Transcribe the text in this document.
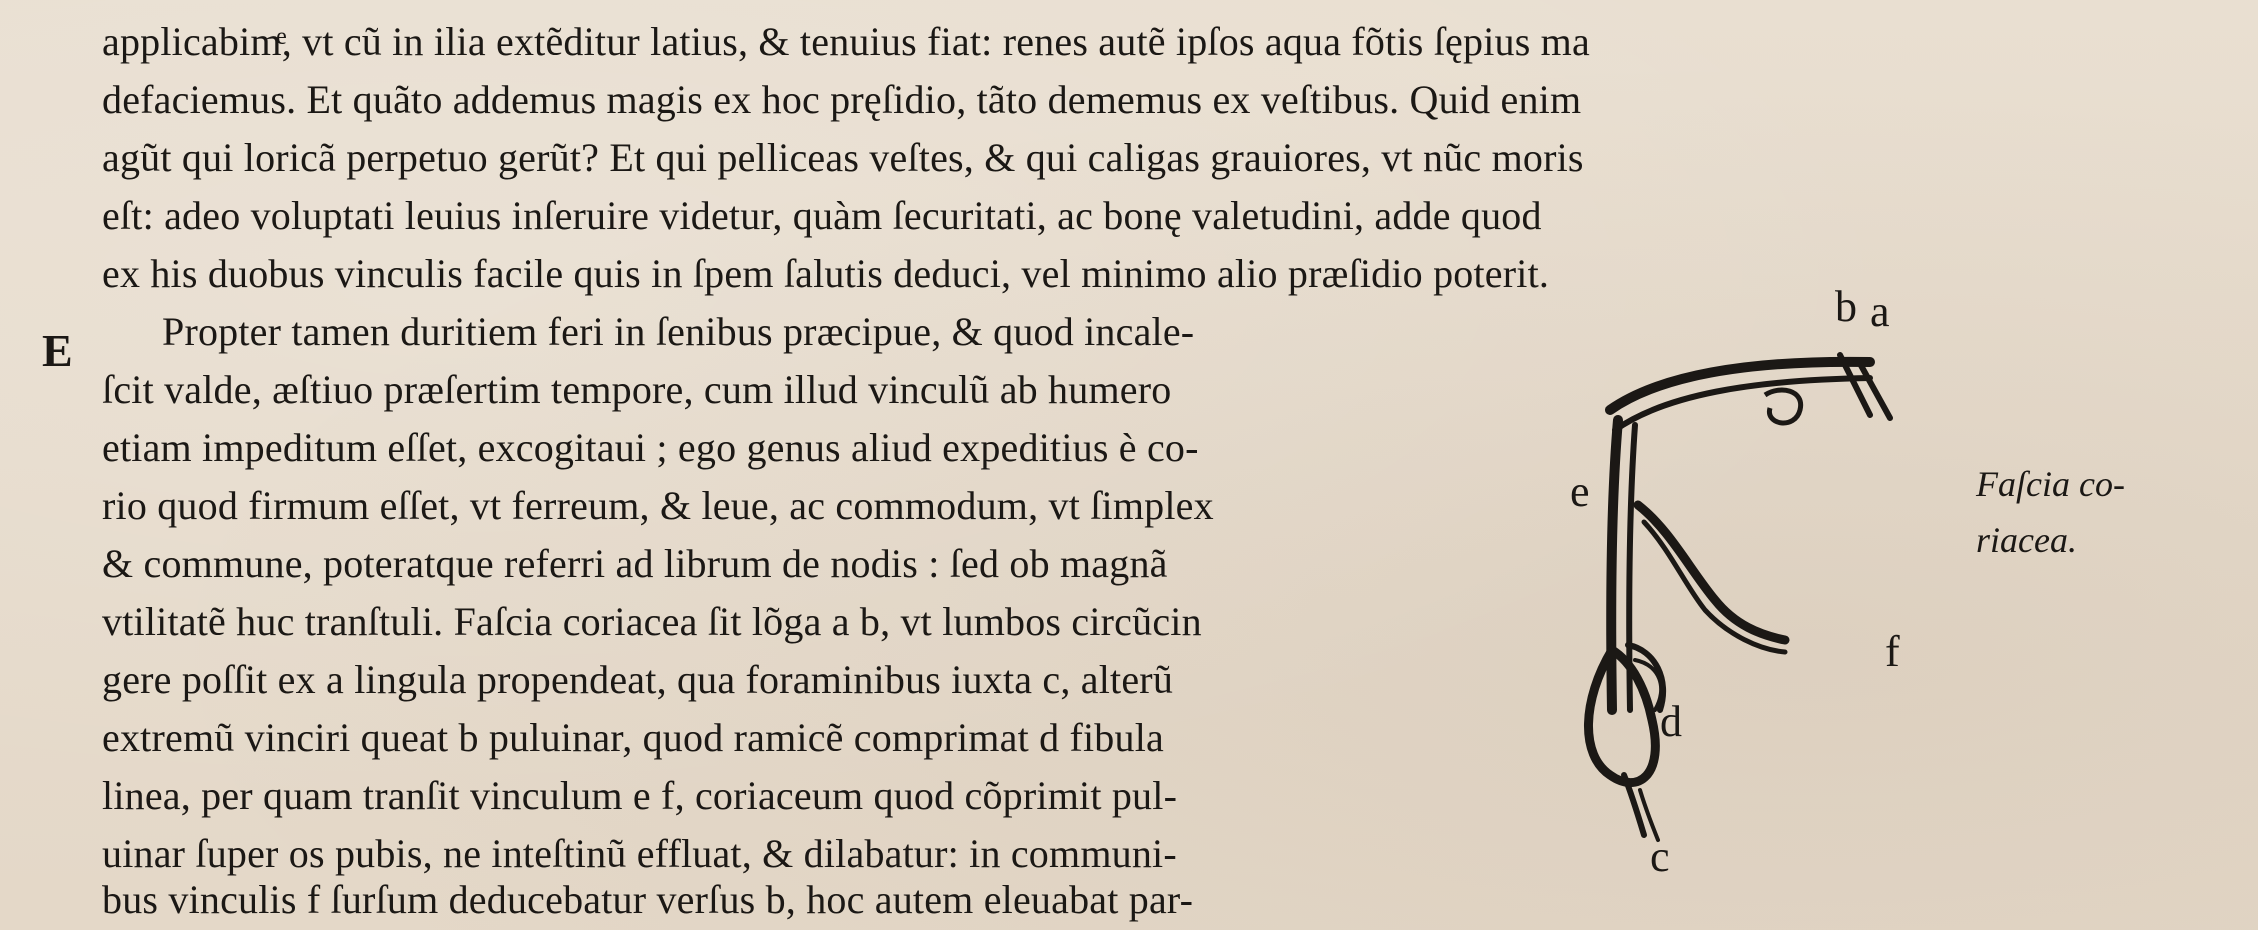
applicabimͤ, vt cũ in ilia extẽditur latius, & tenuius fiat: renes autẽ ipſos aqua fõtis ſępius ma
defaciemus. Et quãto addemus magis ex hoc pręſidio, tãto dememus ex veſtibus. Quid enim
agũt qui loricã perpetuo gerũt? Et qui pelliceas veſtes, & qui caligas grauiores, vt nũc moris
eſt: adeo voluptati leuius inſeruire videtur, quàm ſecuritati, ac bonę valetudini, adde quod
ex his duobus vinculis facile quis in ſpem ſalutis deduci, vel minimo alio præſidio poterit.
E Propter tamen duritiem feri in ſenibus præcipue, & quod incale-
ſcit valde, æſtiuo præſertim tempore, cum illud vinculũ ab humero
etiam impeditum eſſet, excogitaui ; ego genus aliud expeditius è co-
rio quod firmum eſſet, vt ferreum, & leue, ac commodum, vt ſimplex
& commune, poteratque referri ad librum de nodis : ſed ob magnã
vtilitatẽ huc tranſtuli. Faſcia coriacea ſit lõga a b, vt lumbos circũcin
gere poſſit ex a lingula propendeat, qua foraminibus iuxta c, alterũ
extremũ vinciri queat b puluinar, quod ramicẽ comprimat d fibula
linea, per quam tranſit vinculum e f, coriaceum quod cõprimit pul-
uinar ſuper os pubis, ne inteſtinũ effluat, & dilabatur: in communi-
bus vinculis f ſurſum deducebatur verſus b, hoc autem eleuabat par-
Faſcia co-
riacea.
b a
e
f
d
c
